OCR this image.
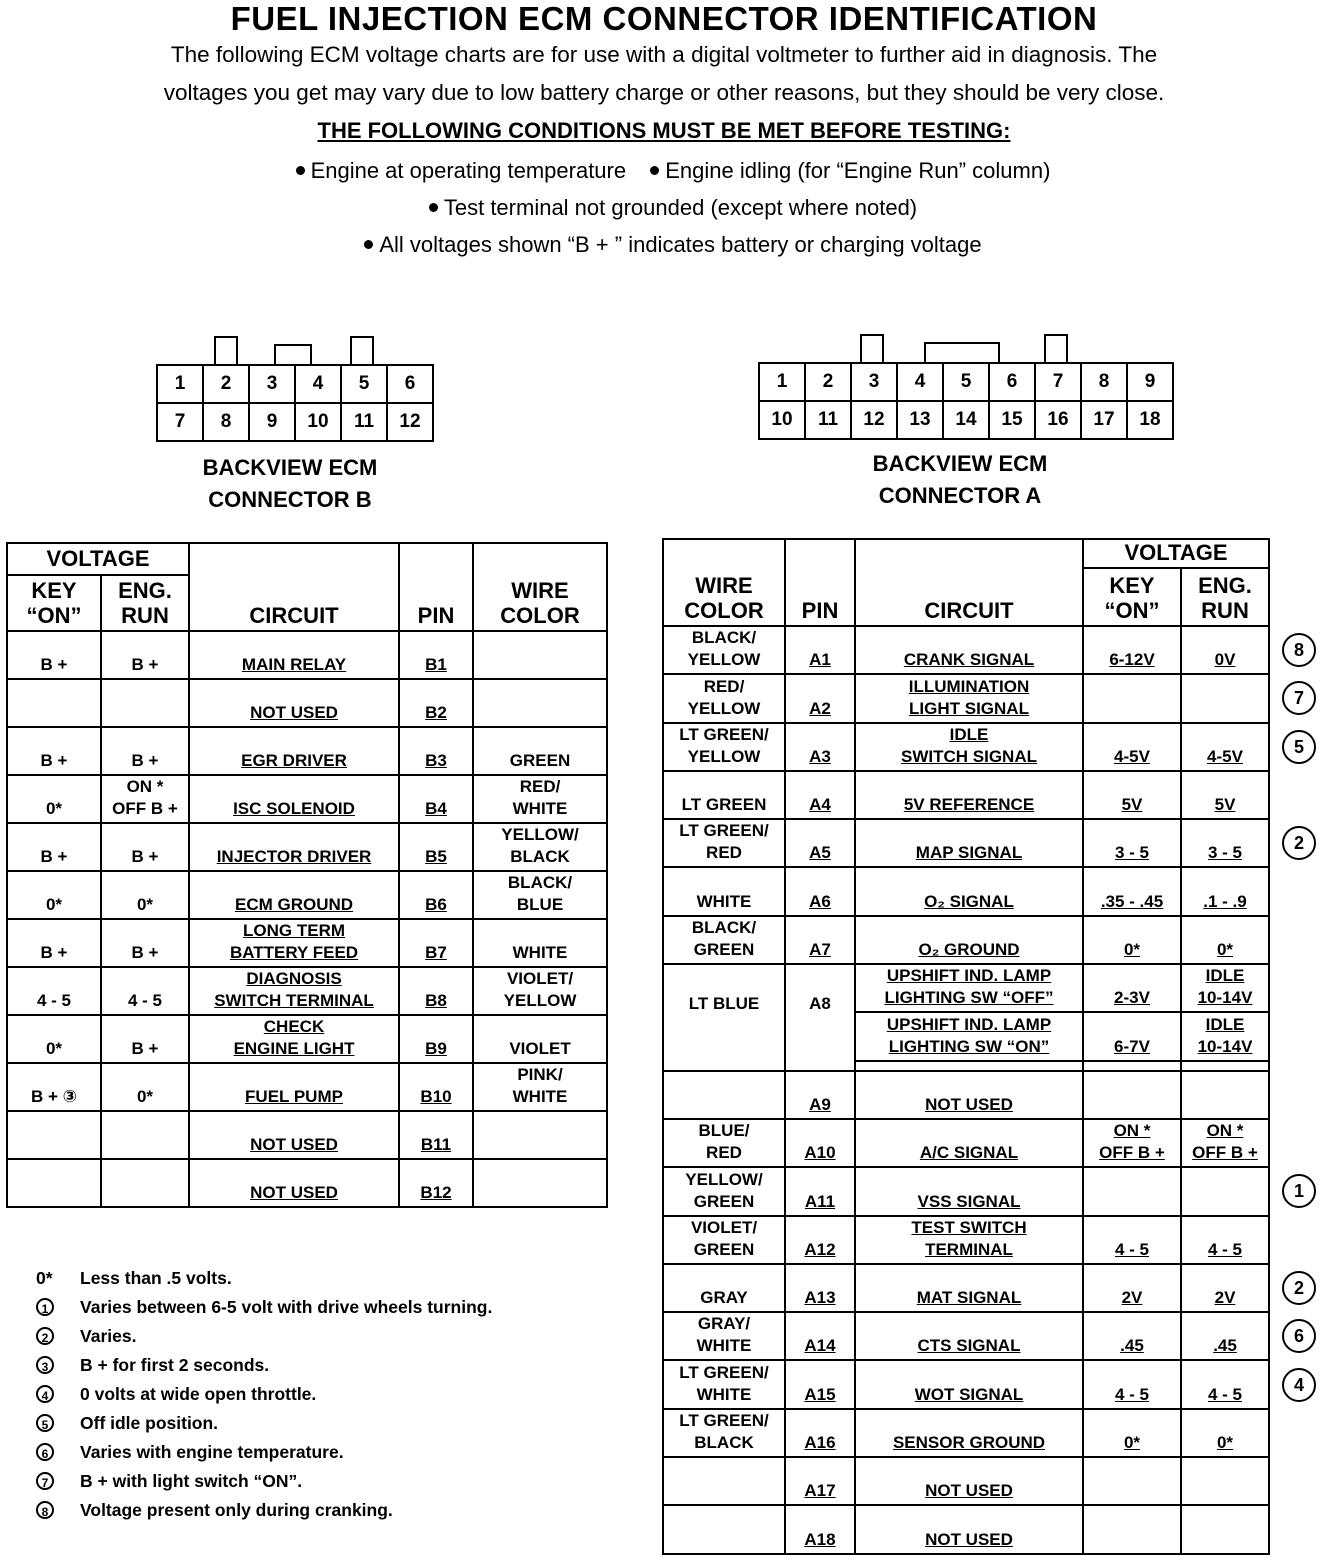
FUEL INJECTION ECM CONNECTOR IDENTIFICATION
The following ECM voltage charts are for use with a digital voltmeter to further aid in diagnosis. The
voltages you get may vary due to low battery charge or other reasons, but they should be very close.
THE FOLLOWING CONDITIONS MUST BE MET BEFORE TESTING:
Engine at operating temperature Engine idling (for “Engine Run” column)
Test terminal not grounded (except where noted)
All voltages shown “B + ” indicates battery or charging voltage
1	2	3	4	5	6
7	8	9	10	11	12
BACKVIEW ECM
CONNECTOR B
1	2	3	4	5	6	7	8	9
10	11	12	13	14	15	16	17	18
BACKVIEW ECM
CONNECTOR A
VOLTAGE		CIRCUIT	PIN	WIRE
COLOR
KEY
“ON”	ENG.
RUN			
B +	B +	MAIN RELAY	B1	
		NOT USED	B2	
B +	B +	EGR DRIVER	B3	GREEN
0*	ON *
OFF B +	ISC SOLENOID	B4	RED/
WHITE
B +	B +	INJECTOR DRIVER	B5	YELLOW/
BLACK
0*	0*	ECM GROUND	B6	BLACK/
BLUE
B +	B +	LONG TERM
BATTERY FEED	B7	WHITE
4 - 5	4 - 5	DIAGNOSIS
SWITCH TERMINAL	B8	VIOLET/
YELLOW
0*	B +	CHECK
ENGINE LIGHT	B9	VIOLET
B + ③	0*	FUEL PUMP	B10	PINK/
WHITE
		NOT USED	B11	
		NOT USED	B12	
WIRE
COLOR	PIN	CIRCUIT	VOLTAGE	
			KEY
“ON”	ENG.
RUN
BLACK/
YELLOW	A1	CRANK SIGNAL	6-12V	0V
RED/
YELLOW	A2	ILLUMINATION
LIGHT SIGNAL		
LT GREEN/
YELLOW	A3	IDLE
SWITCH SIGNAL	4-5V	4-5V
LT GREEN	A4	5V REFERENCE	5V	5V
LT GREEN/
RED	A5	MAP SIGNAL	3 - 5	3 - 5
WHITE	A6	O₂ SIGNAL	.35 - .45	.1 - .9
BLACK/
GREEN	A7	O₂ GROUND	0*	0*
LT BLUE	A8	UPSHIFT IND. LAMP
LIGHTING SW “OFF”	2-3V	IDLE
10-14V
		UPSHIFT IND. LAMP
LIGHTING SW “ON”	6-7V	IDLE
10-14V

	A9	NOT USED		
BLUE/
RED	A10	A/C SIGNAL	ON *
OFF B +	ON *
OFF B +
YELLOW/
GREEN	A11	VSS SIGNAL		
VIOLET/
GREEN	A12	TEST SWITCH
TERMINAL	4 - 5	4 - 5
GRAY	A13	MAT SIGNAL	2V	2V
GRAY/
WHITE	A14	CTS SIGNAL	.45	.45
LT GREEN/
WHITE	A15	WOT SIGNAL	4 - 5	4 - 5
LT GREEN/
BLACK	A16	SENSOR GROUND	0*	0*
	A17	NOT USED		
	A18	NOT USED		
8
7
5
2
1
2
6
4
0*	Less than .5 volts.
1	Varies between 6-5 volt with drive wheels turning.
2	Varies.
3	B + for first 2 seconds.
4	0 volts at wide open throttle.
5	Off idle position.
6	Varies with engine temperature.
7	B + with light switch “ON”.
8	Voltage present only during cranking.
